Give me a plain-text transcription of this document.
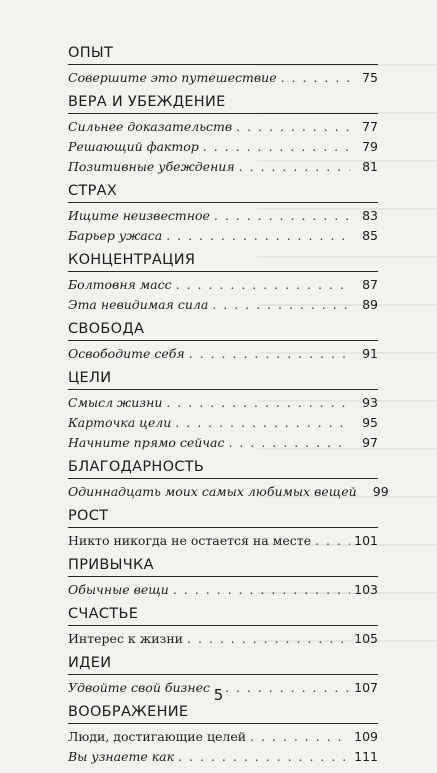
ОПЫТ
Совершите это путешествие . . .	75
ВЕРА И УБЕЖДЕНИЕ
Сильнее доказательств . . .	77
Решающий фактор . . .	79
Позитивные убеждения . . .	81
СТРАХ
Ищите неизвестное . . .	83
Барьер ужаса . . .	85
КОНЦЕНТРАЦИЯ
Болтовня масс . . .	87
Эта невидимая сила . . .	89
СВОБОДА
Освободите себя . . .	91
ЦЕЛИ
Смысл жизни . . .	93
Карточка цели . . .	95
Начните прямо сейчас . . .	97
БЛАГОДАРНОСТЬ
Одиннадцать моих самых любимых вещей	99
РОСТ
Никто никогда не остается на месте . . .	101
ПРИВЫЧКА
Обычные вещи . . .	103
СЧАСТЬЕ
Интерес к жизни . . .	105
ИДЕИ
Удвойте свой бизнес . . .	107
ВООБРАЖЕНИЕ
Люди, достигающие целей . . .	109
Вы узнаете как . . .	111
5
